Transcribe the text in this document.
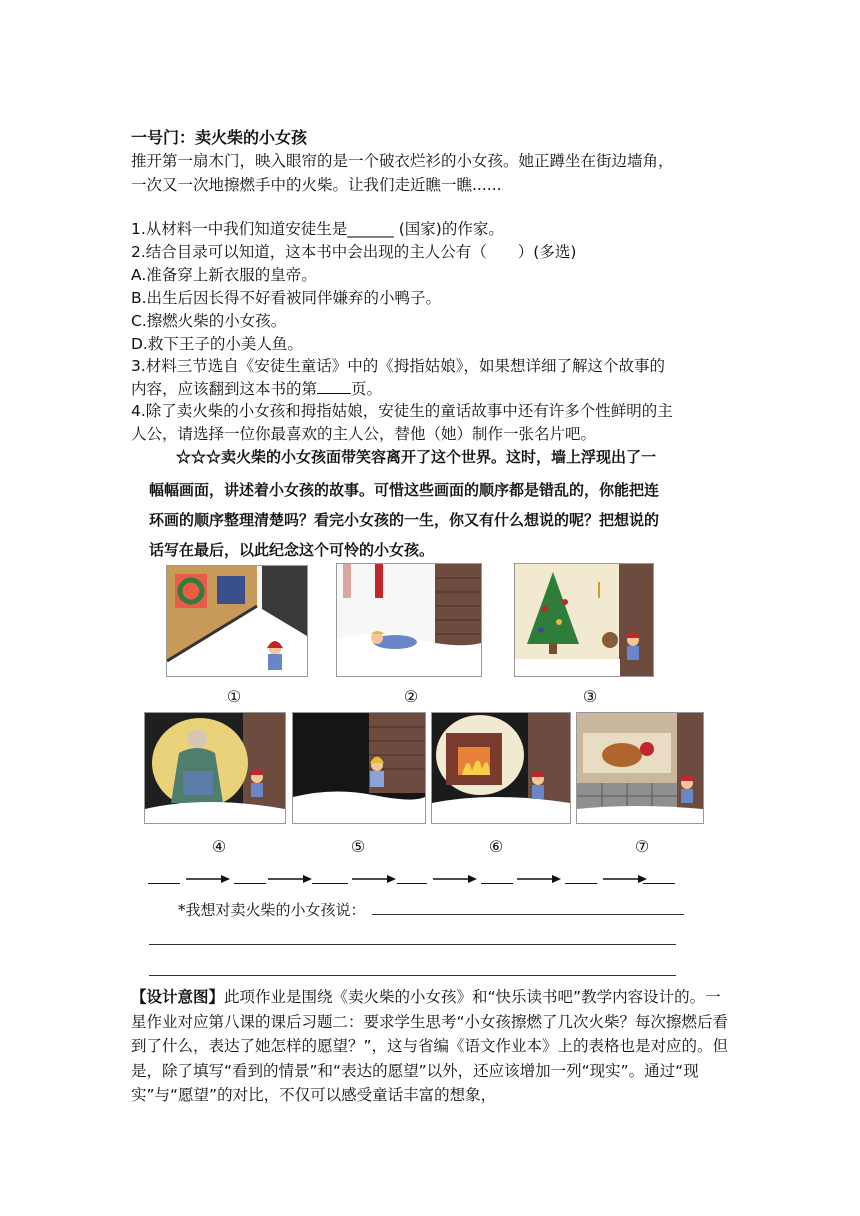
一号门：卖火柴的小女孩
推开第一扇木门，映入眼帘的是一个破衣烂衫的小女孩。她正蹲坐在街边墙角，
一次又一次地擦燃手中的火柴。让我们走近瞧一瞧......
1.从材料一中我们知道安徒生是______ (国家)的作家。
2.结合目录可以知道，这本书中会出现的主人公有（　　）(多选)
A.准备穿上新衣服的皇帝。
B.出生后因长得不好看被同伴嫌弃的小鸭子。
C.擦燃火柴的小女孩。
D.救下王子的小美人鱼。
3.材料三节选自《安徒生童话》中的《拇指姑娘》，如果想详细了解这个故事的
内容，应该翻到这本书的第 页。
4.除了卖火柴的小女孩和拇指姑娘，安徒生的童话故事中还有许多个性鲜明的主
人公，请选择一位你最喜欢的主人公，替他（她）制作一张名片吧。
☆☆☆卖火柴的小女孩面带笑容离开了这个世界。这时，墙上浮现出了一
幅幅画面，讲述着小女孩的故事。可惜这些画面的顺序都是错乱的，你能把连
环画的顺序整理清楚吗？看完小女孩的一生，你又有什么想说的呢？把想说的
话写在最后，以此纪念这个可怜的小女孩。
①	②	③
④	⑤	⑥	⑦
*我想对卖火柴的小女孩说：
【设计意图】此项作业是围绕《卖火柴的小女孩》和“快乐读书吧”教学内容设计的。一星作业对应第八课的课后习题二：要求学生思考“小女孩擦燃了几次火柴？每次擦燃后看到了什么，表达了她怎样的愿望？”，这与省编《语文作业本》上的表格也是对应的。但是，除了填写“看到的情景”和“表达的愿望”以外，还应该增加一列“现实”。通过“现实”与“愿望”的对比，不仅可以感受童话丰富的想象，
